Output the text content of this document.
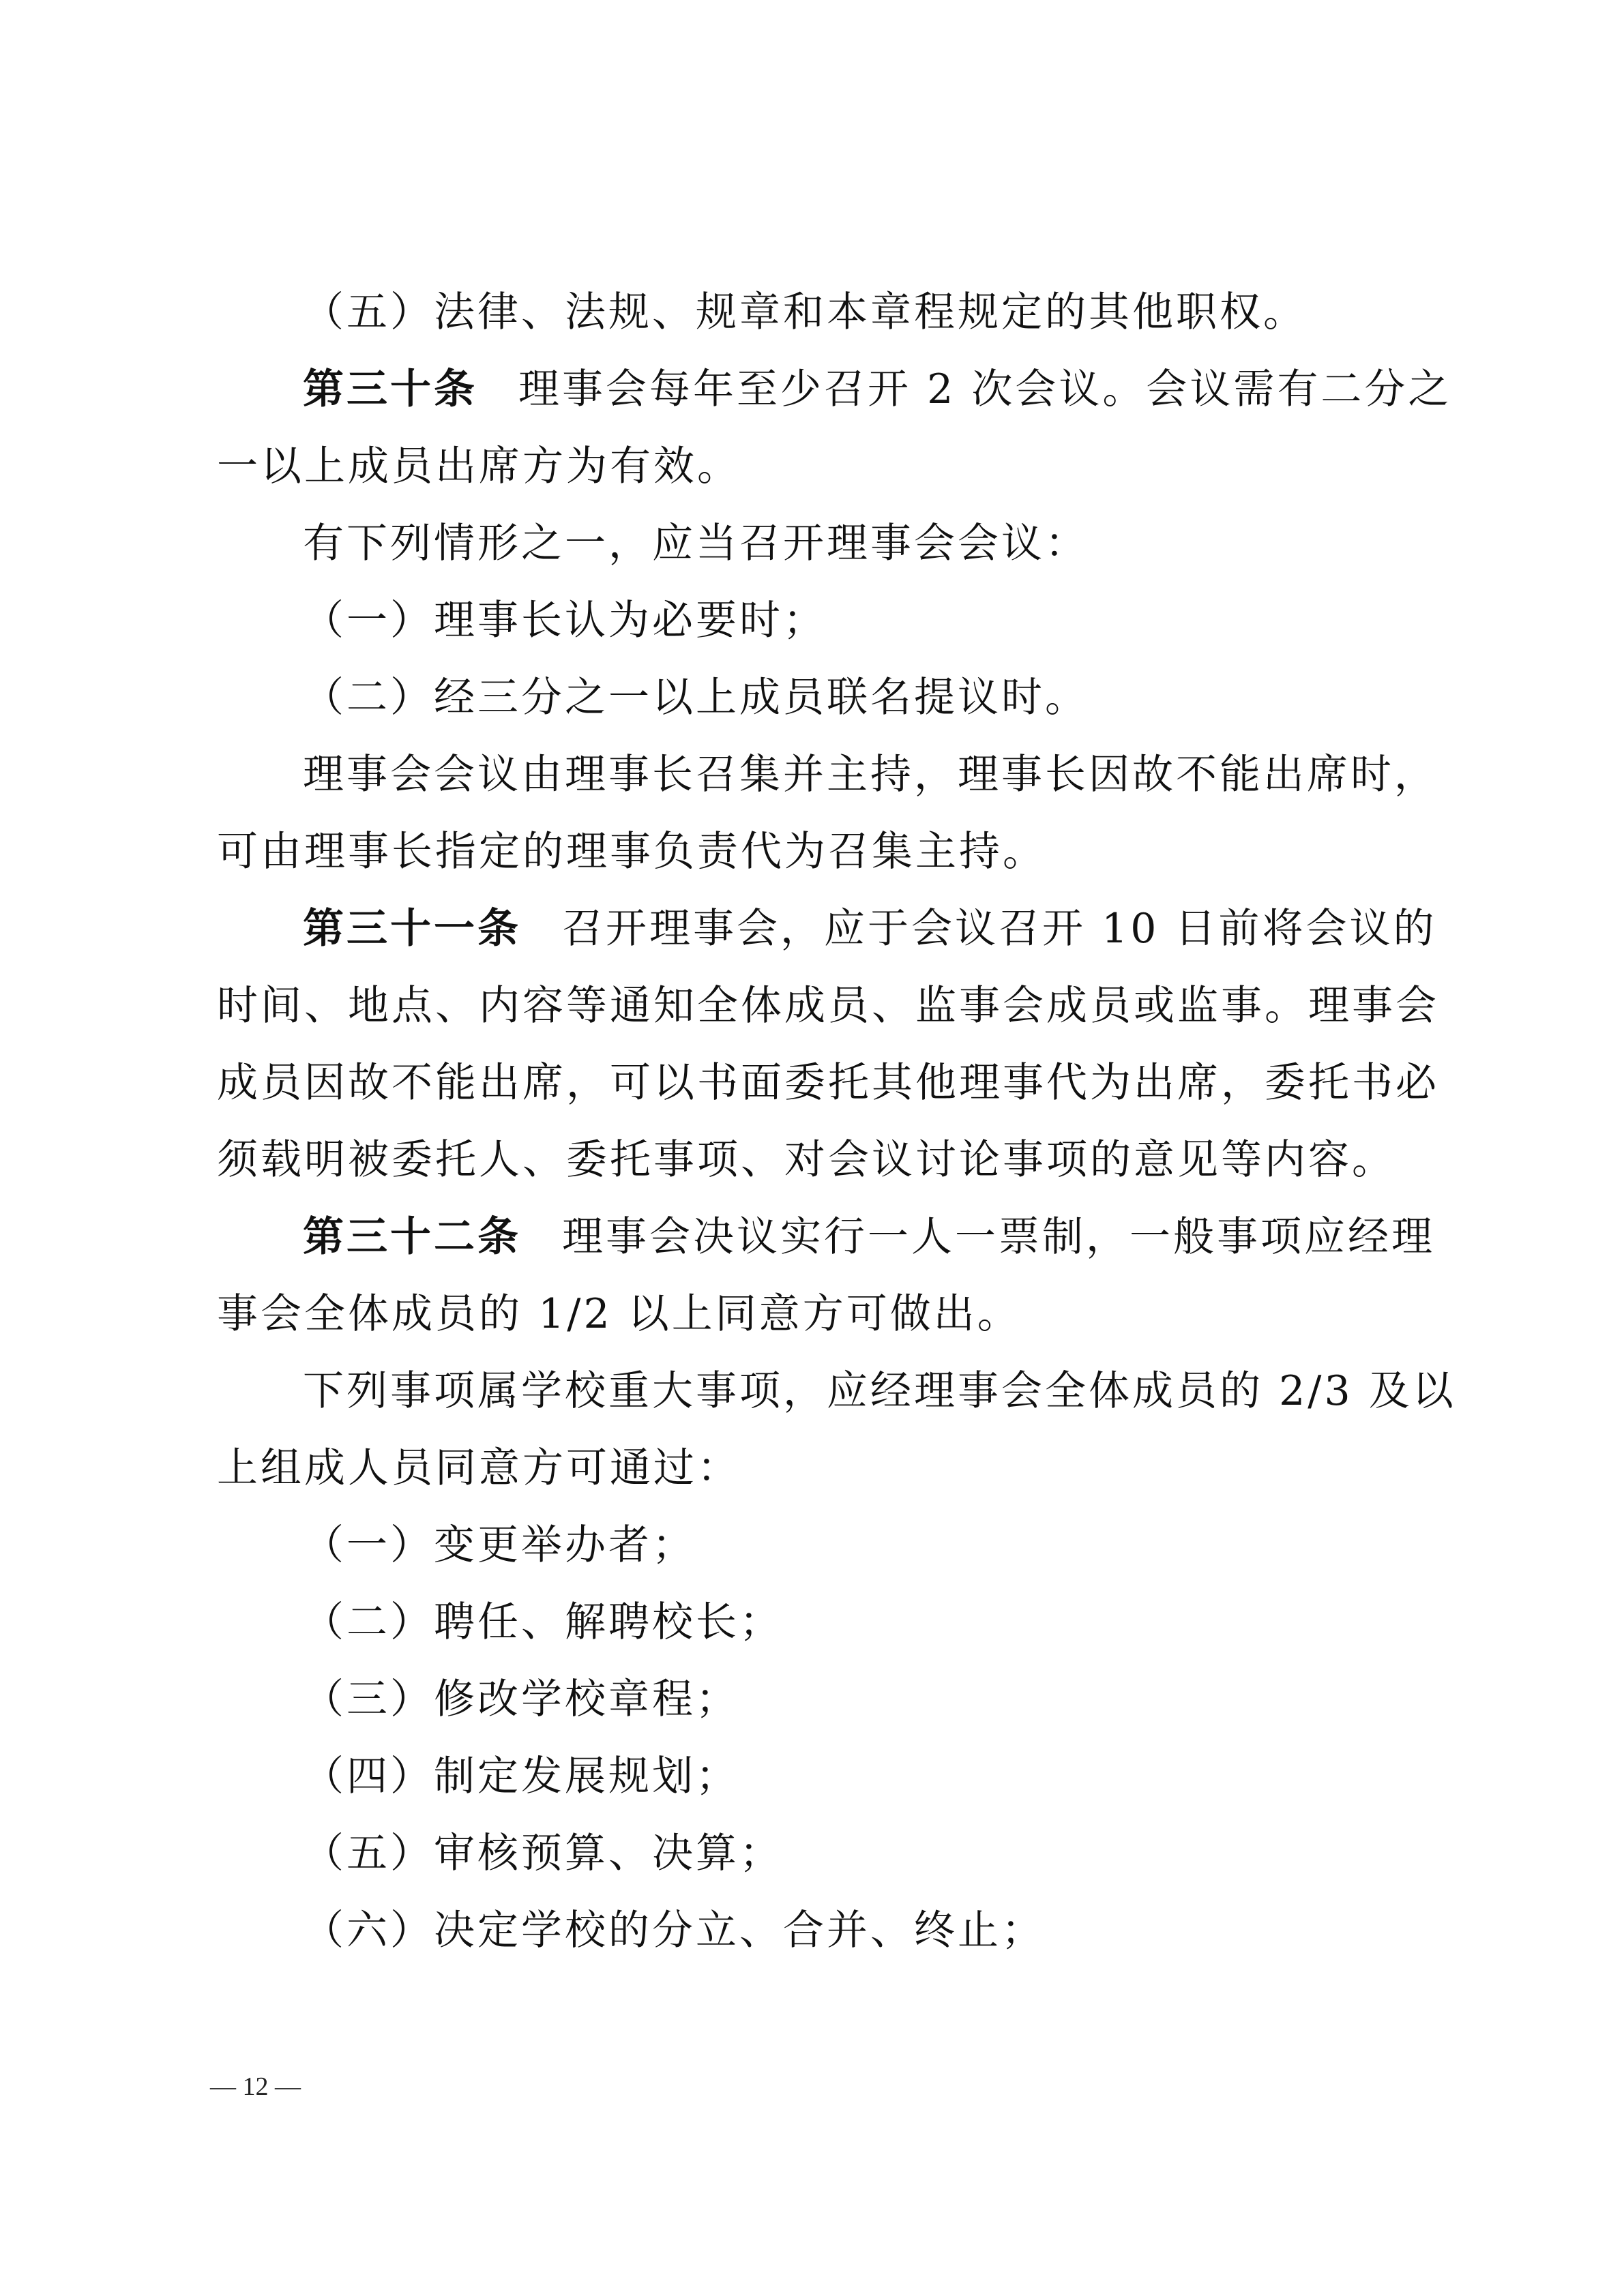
（五）法律、法规、规章和本章程规定的其他职权。
第三十条 理事会每年至少召开 2 次会议。会议需有二分之
一以上成员出席方为有效。
有下列情形之一，应当召开理事会会议：
（一）理事长认为必要时；
（二）经三分之一以上成员联名提议时。
理事会会议由理事长召集并主持，理事长因故不能出席时，
可由理事长指定的理事负责代为召集主持。
第三十一条 召开理事会，应于会议召开 10 日前将会议的
时间、地点、内容等通知全体成员、监事会成员或监事。理事会
成员因故不能出席，可以书面委托其他理事代为出席，委托书必
须载明被委托人、委托事项、对会议讨论事项的意见等内容。
第三十二条 理事会决议实行一人一票制，一般事项应经理
事会全体成员的 1/2 以上同意方可做出。
下列事项属学校重大事项，应经理事会全体成员的 2/3 及以
上组成人员同意方可通过：
（一）变更举办者；
（二）聘任、解聘校长；
（三）修改学校章程；
（四）制定发展规划；
（五）审核预算、决算；
（六）决定学校的分立、合并、终止；
— 12 —
